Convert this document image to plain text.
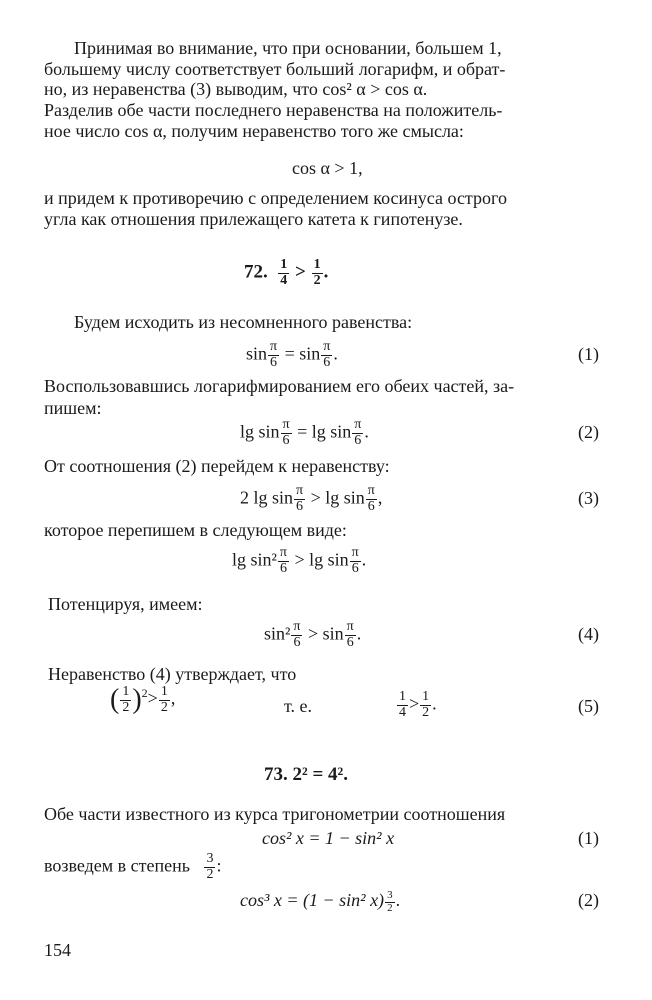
Принимая во внимание, что при основании, большем 1,

большему числу соответствует больший логарифм, и обрат-

но, из неравенства (3) выводим, что cos² α > cos α.

Разделив обе части последнего неравенства на положитель-

ное число cos α, получим неравенство того же смысла:

cos α > 1,

и придем к противоречию с определением косинуса острого

угла как отношения прилежащего катета к гипотенузе.

72. $\frac{1}{4} > \frac{1}{2}$ .
Будем исходить из несомненного равенства:
$\sin \frac{\pi}{6} = \sin \frac{\pi}{6}$ .	(1)
Воспользовавшись логарифмированием его обеих частей, за-
пишем:
$\lg \sin \frac{\pi}{6} = \lg \sin \frac{\pi}{6}$ .	(2)
От соотношения (2) перейдем к неравенству:
2 $\lg \sin \frac{\pi}{6} > \lg \sin \frac{\pi}{6}$ ,	(3)
которое перепишем в следующем виде:
$\lg \sin^2 \frac{\pi}{6} > \lg \sin \frac{\pi}{6}$ .
Потенцируя, имеем:
$\sin^2 \frac{\pi}{6} > \sin \frac{\pi}{6}$ .	(4)
Неравенство (4) утверждает, что
( $\frac{1}{2} )^2> \frac{1}{2}$ ,	т. е.	$\frac{1}{4} > \frac{1}{2}$ .	(5)
73. 2² = 4².
Обе части известного из курса тригонометрии соотношения
cos² x = 1 − sin² x	(1)
возведем в степень $\frac{3}{2}$ :
cos³ x = (1 − sin² $x) \frac{3}{2}$ .	(2)
154
